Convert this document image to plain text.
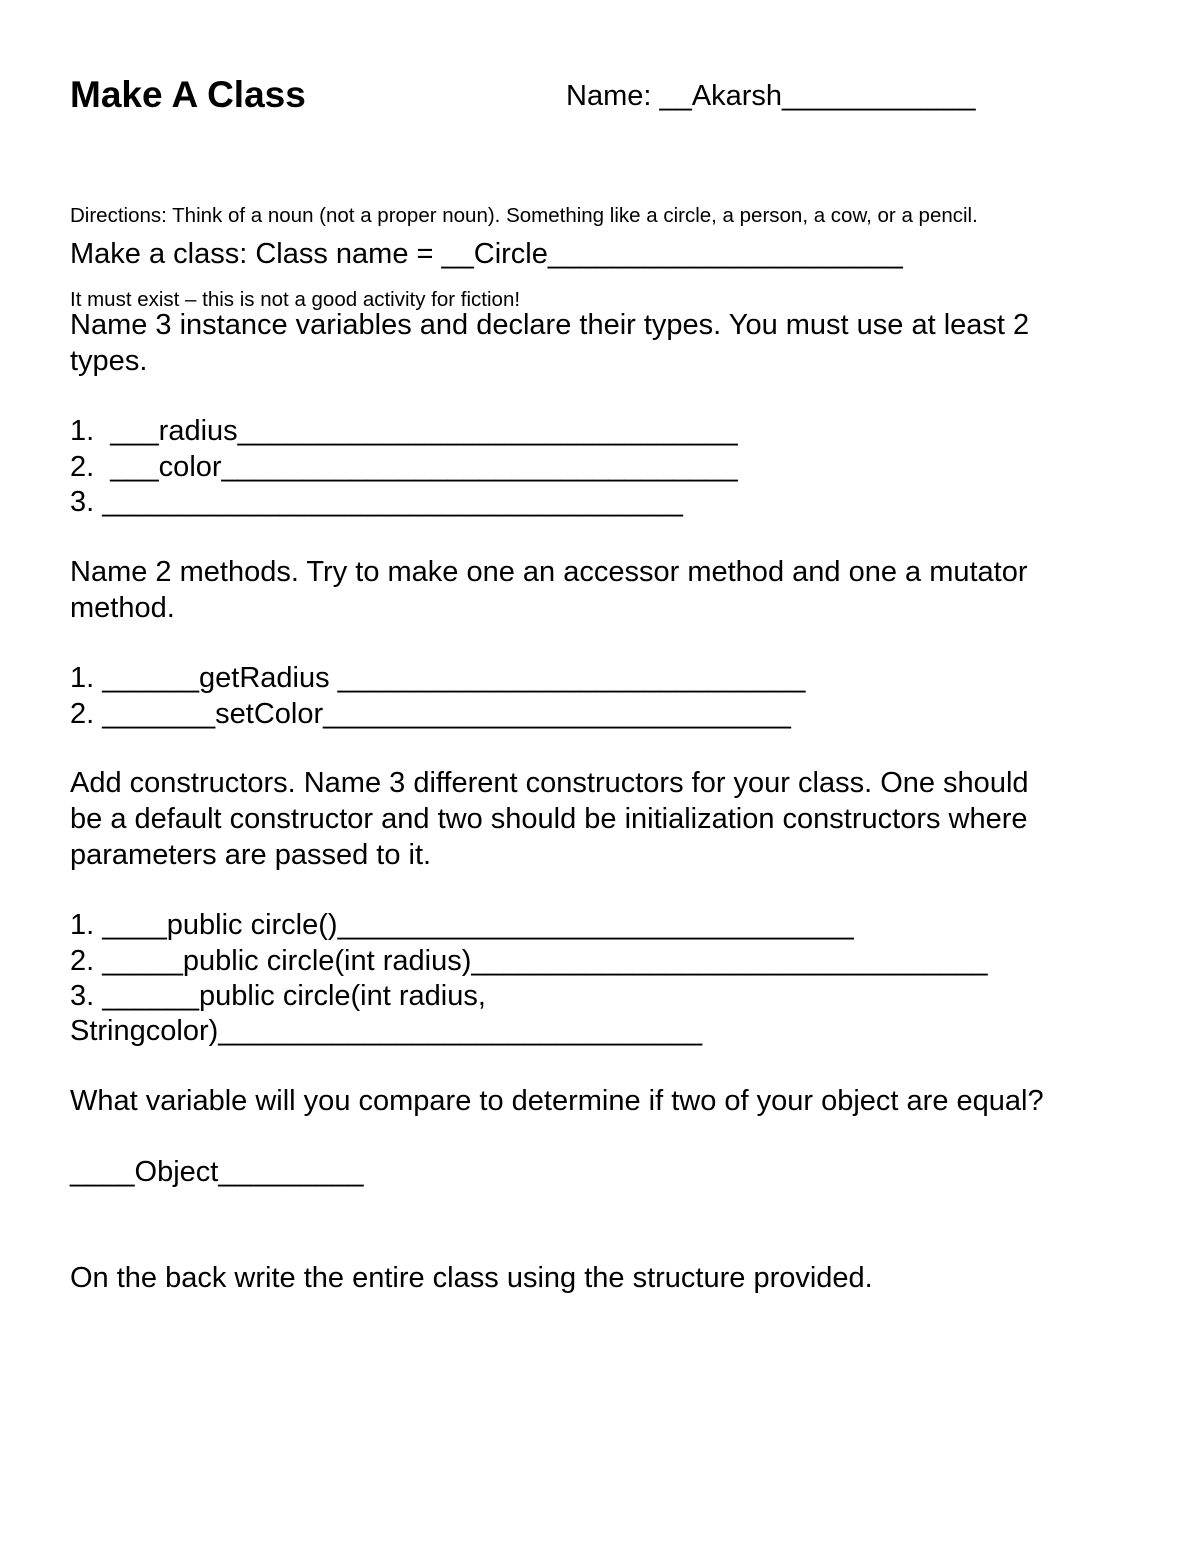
Make A Class	Name: __Akarsh____________

Directions: Think of a noun (not a proper noun). Something like a circle, a person, a cow, or a pencil.

It must exist – this is not a good activity for fiction!

Make a class: Class name = __Circle______________________
Name 3 instance variables and declare their types. You must use at least 2
types.
1.  ___radius_______________________________
2.  ___color________________________________
3. ____________________________________
Name 2 methods. Try to make one an accessor method and one a mutator
method.
1. ______getRadius _____________________________
2. _______setColor_____________________________
Add constructors. Name 3 different constructors for your class. One should
be a default constructor and two should be initialization constructors where
parameters are passed to it.
1. ____public circle()________________________________
2. _____public circle(int radius)________________________________
3. ______public circle(int radius,
Stringcolor)______________________________
What variable will you compare to determine if two of your object are equal?
____Object_________
On the back write the entire class using the structure provided.
